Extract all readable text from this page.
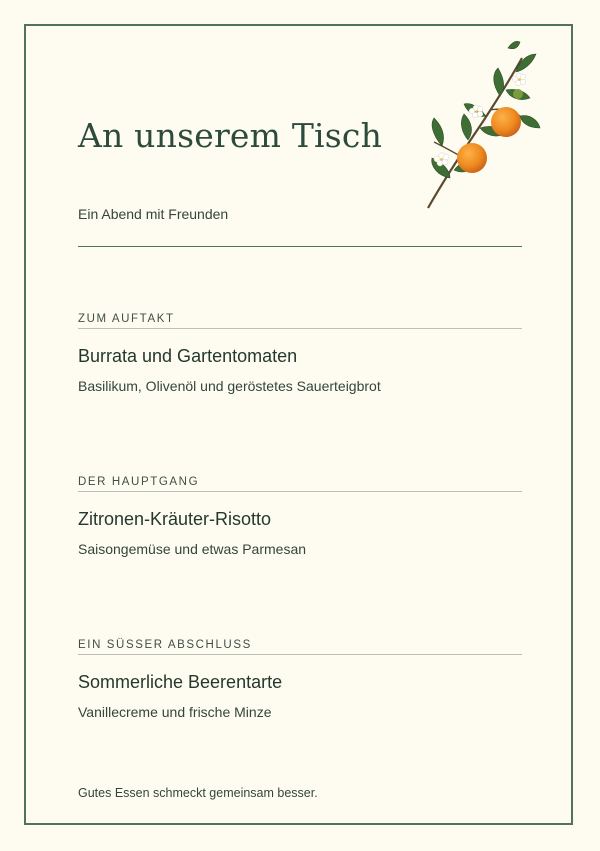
An unserem Tisch

Ein Abend mit Freunden

ZUM AUFTAKT
Burrata und Gartentomaten
Basilikum, Olivenöl und geröstetes Sauerteigbrot
DER HAUPTGANG
Zitronen-Kräuter-Risotto
Saisongemüse und etwas Parmesan
EIN SÜSSER ABSCHLUSS
Sommerliche Beerentarte
Vanillecreme und frische Minze

Gutes Essen schmeckt gemeinsam besser.
